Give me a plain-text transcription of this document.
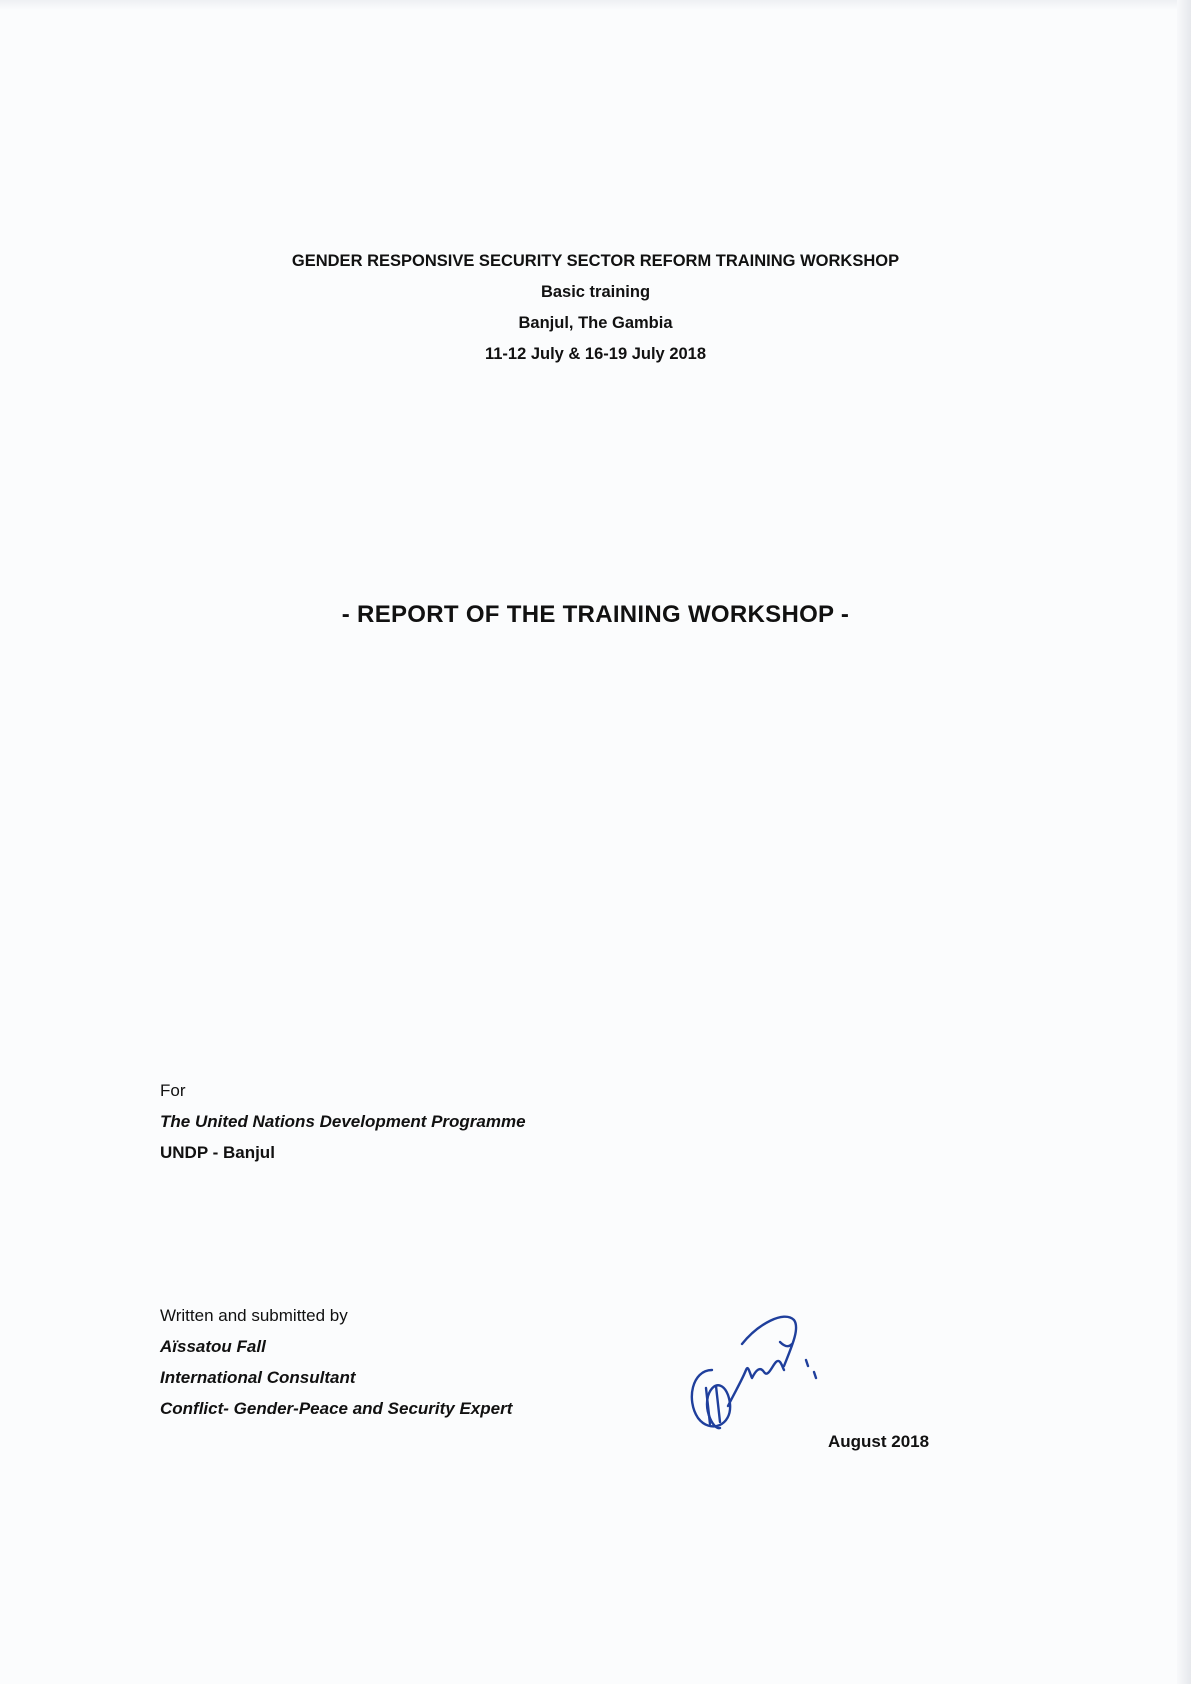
GENDER RESPONSIVE SECURITY SECTOR REFORM TRAINING WORKSHOP
Basic training
Banjul, The Gambia
11-12 July & 16-19 July 2018
- REPORT OF THE TRAINING WORKSHOP -
For
The United Nations Development Programme
UNDP - Banjul
Written and submitted by
Aïssatou Fall
International Consultant
Conflict- Gender-Peace and Security Expert
August 2018
